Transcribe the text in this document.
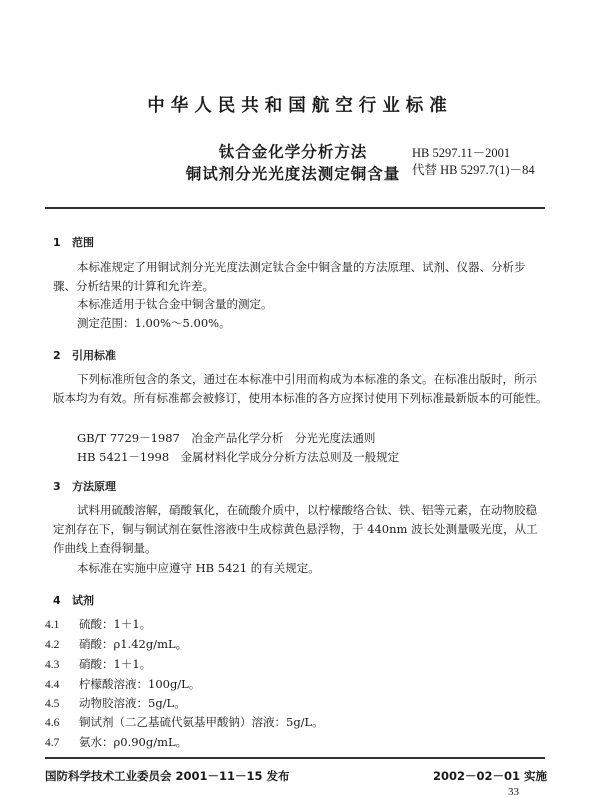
中华人民共和国航空行业标准
钛合金化学分析方法
铜试剂分光光度法测定铜含量
HB 5297.11－2001
代替 HB 5297.7(1)－84
1 范围
本标准规定了用铜试剂分光光度法测定钛合金中铜含量的方法原理、试剂、仪器、分析步骤、分析结果的计算和允许差。
本标准适用于钛合金中铜含量的测定。
测定范围：1.00%～5.00%。
2 引用标准
下列标准所包含的条文，通过在本标准中引用而构成为本标准的条文。在标准出版时，所示版本均为有效。所有标准都会被修订，使用本标准的各方应探讨使用下列标准最新版本的可能性。
GB/T 7729－1987　冶金产品化学分析　分光光度法通则
HB 5421－1998　金属材料化学成分分析方法总则及一般规定
3 方法原理
试料用硫酸溶解，硝酸氧化，在硫酸介质中，以柠檬酸络合钛、铁、铝等元素，在动物胶稳定剂存在下，铜与铜试剂在氨性溶液中生成棕黄色悬浮物，于 440nm 波长处测量吸光度，从工作曲线上查得铜量。
本标准在实施中应遵守 HB 5421 的有关规定。
4 试剂
4.1 硫酸：1＋1。
4.2 硝酸：ρ1.42g/mL。
4.3 硝酸：1＋1。
4.4 柠檬酸溶液：100g/L。
4.5 动物胶溶液：5g/L。
4.6 铜试剂（二乙基硫代氨基甲酸钠）溶液：5g/L。
4.7 氨水：ρ0.90g/mL。
国防科学技术工业委员会 2001－11－15 发布	2002－02－01 实施
33
